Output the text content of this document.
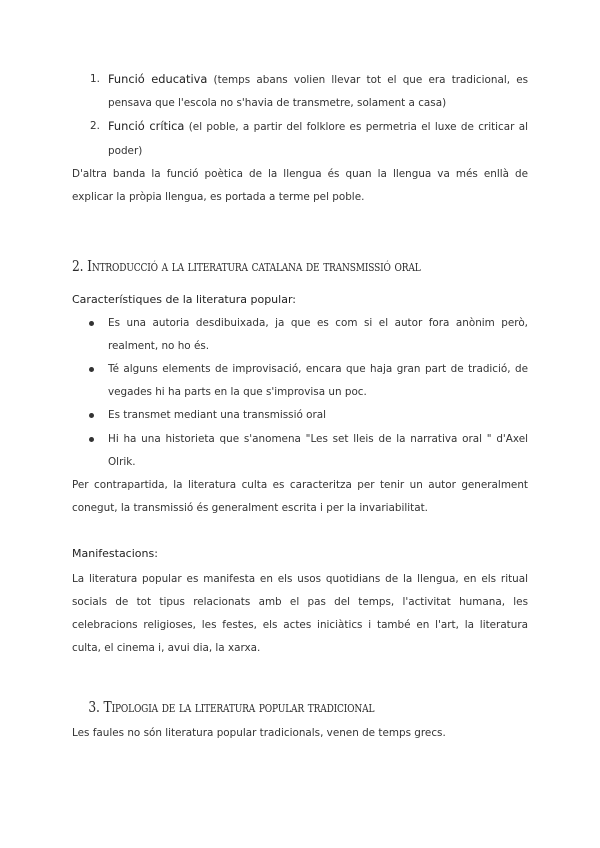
1. Funció educativa (temps abans volien llevar tot el que era tradicional, es pensava que l'escola no s'havia de transmetre, solament a casa)
2. Funció crítica (el poble, a partir del folklore es permetria el luxe de criticar al poder)

D'altra banda la funció poètica de la llengua és quan la llengua va més enllà de explicar la pròpia llengua, es portada a terme pel poble.

2. Introducció a la literatura catalana de transmissió oral
Característiques de la literatura popular:
Es una autoria desdibuixada, ja que es com si el autor fora anònim però, realment, no ho és.
Té alguns elements de improvisació, encara que haja gran part de tradició, de vegades hi ha parts en la que s'improvisa un poc.
Es transmet mediant una transmissió oral
Hi ha una historieta que s'anomena "Les set lleis de la narrativa oral " d'Axel Olrik.

Per contrapartida, la literatura culta es caracteritza per tenir un autor generalment conegut, la transmissió és generalment escrita i per la invariabilitat.

Manifestacions:

La literatura popular es manifesta en els usos quotidians de la llengua, en els ritual socials de tot tipus relacionats amb el pas del temps, l'activitat humana, les celebracions religioses, les festes, els actes iniciàtics i també en l'art, la literatura culta, el cinema i, avui dia, la xarxa.

3. Tipologia de la literatura popular tradicional

Les faules no són literatura popular tradicionals, venen de temps grecs.
